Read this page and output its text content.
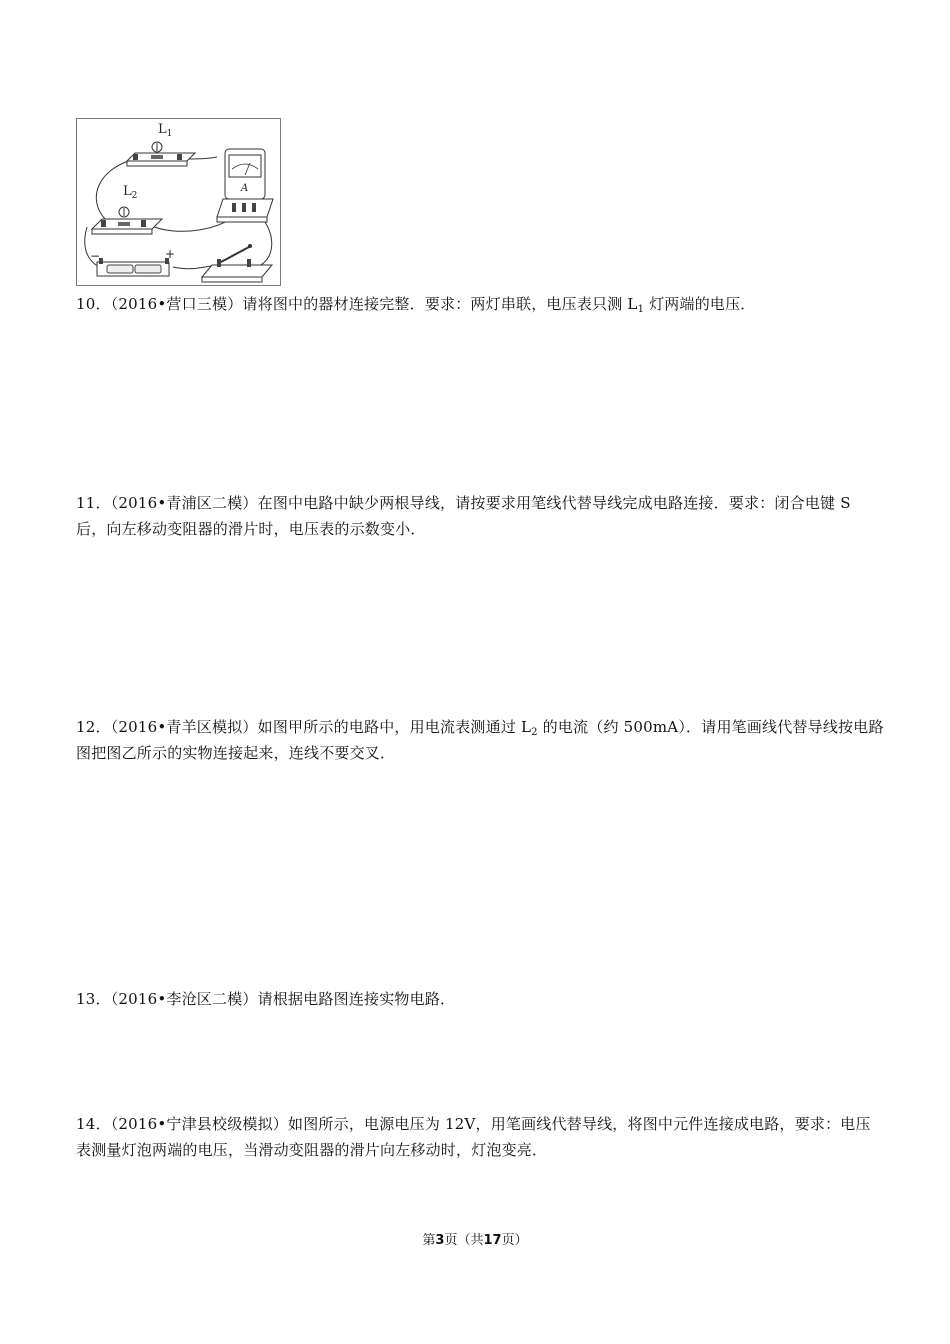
$L_1$
$L_2$
A
−	+
10．（2016•营口三模）请将图中的器材连接完整．要求：两灯串联，电压表只测 $L_1$ 灯两端的电压．
11．（2016•青浦区二模）在图中电路中缺少两根导线，请按要求用笔线代替导线完成电路连接．要求：闭合电键 S 后，向左移动变阻器的滑片时，电压表的示数变小．
12．（2016•青羊区模拟）如图甲所示的电路中，用电流表测通过 $L_2$ 的电流（约 500mA）．请用笔画线代替导线按电路图把图乙所示的实物连接起来，连线不要交叉．
13．（2016•李沧区二模）请根据电路图连接实物电路．
14．（2016•宁津县校级模拟）如图所示，电源电压为 12V，用笔画线代替导线，将图中元件连接成电路，要求：电压表测量灯泡两端的电压，当滑动变阻器的滑片向左移动时，灯泡变亮．
第3页（共17页）
